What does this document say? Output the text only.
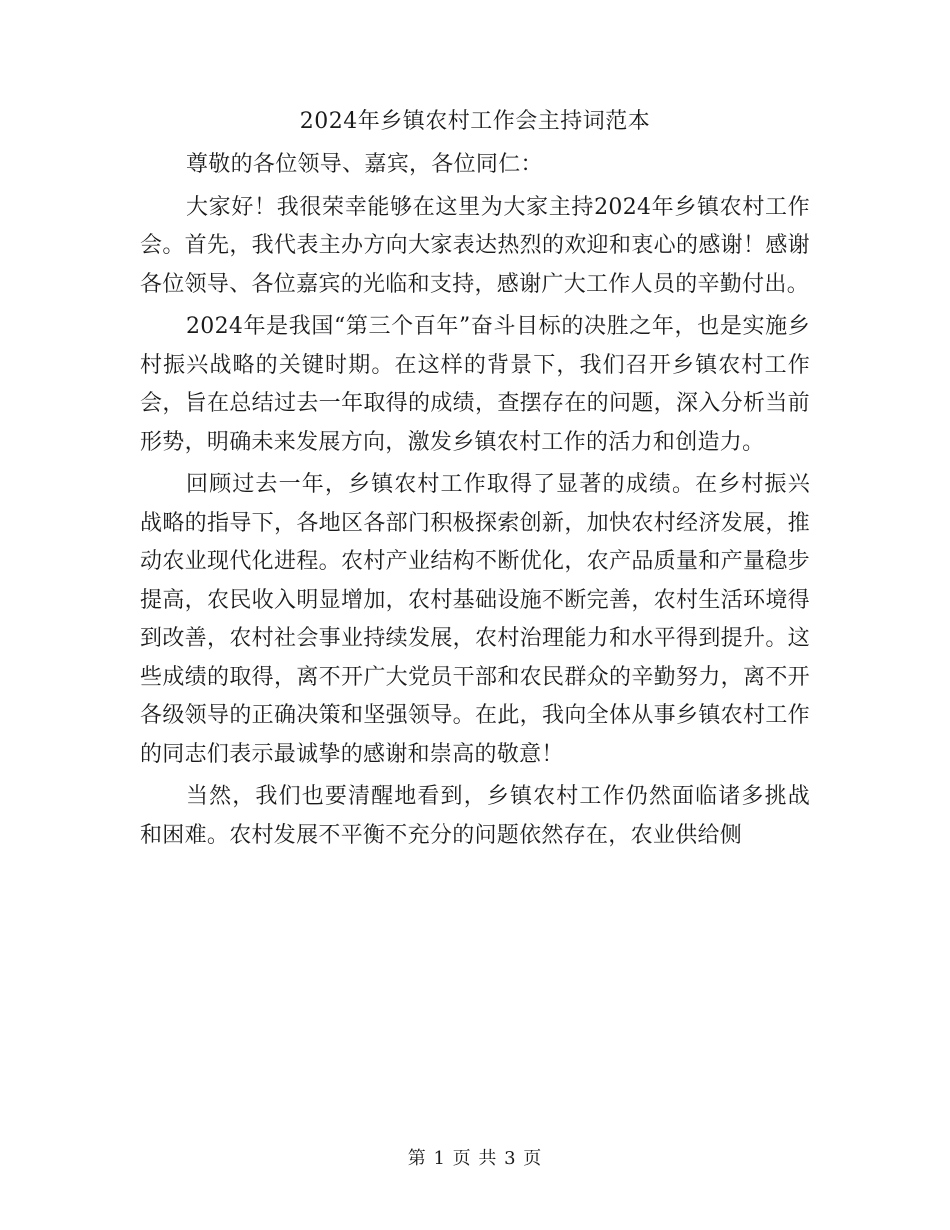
2024年乡镇农村工作会主持词范本

尊敬的各位领导、嘉宾，各位同仁：

大家好！我很荣幸能够在这里为大家主持2024年乡镇农村工作会。首先，我代表主办方向大家表达热烈的欢迎和衷心的感谢！感谢各位领导、各位嘉宾的光临和支持，感谢广大工作人员的辛勤付出。

2024年是我国“第三个百年”奋斗目标的决胜之年，也是实施乡村振兴战略的关键时期。在这样的背景下，我们召开乡镇农村工作会，旨在总结过去一年取得的成绩，查摆存在的问题，深入分析当前形势，明确未来发展方向，激发乡镇农村工作的活力和创造力。

回顾过去一年，乡镇农村工作取得了显著的成绩。在乡村振兴战略的指导下，各地区各部门积极探索创新，加快农村经济发展，推动农业现代化进程。农村产业结构不断优化，农产品质量和产量稳步提高，农民收入明显增加，农村基础设施不断完善，农村生活环境得到改善，农村社会事业持续发展，农村治理能力和水平得到提升。这些成绩的取得，离不开广大党员干部和农民群众的辛勤努力，离不开各级领导的正确决策和坚强领导。在此，我向全体从事乡镇农村工作的同志们表示最诚挚的感谢和崇高的敬意！

当然，我们也要清醒地看到，乡镇农村工作仍然面临诸多挑战和困难。农村发展不平衡不充分的问题依然存在，农业供给侧

第 1 页 共 3 页
